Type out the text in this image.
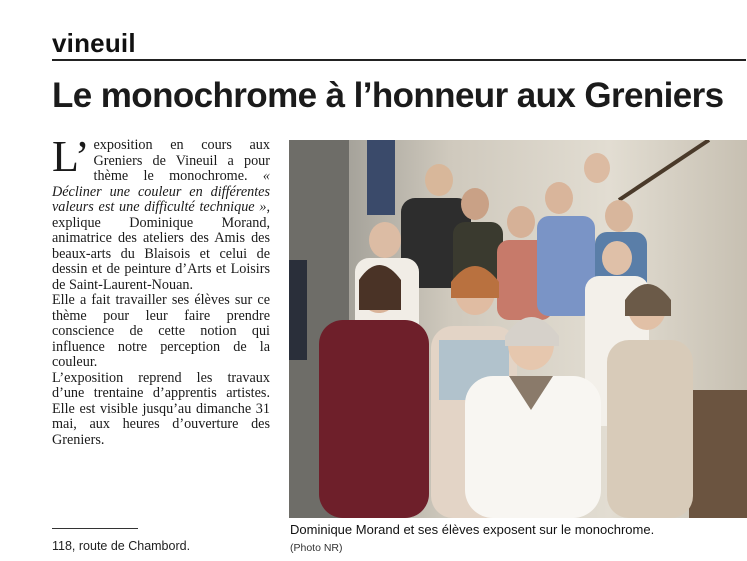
vineuil
Le monochrome à l’honneur aux Greniers

L’ exposition en cours aux Greniers de Vineuil a pour thème le monochrome. « Décliner une couleur en différentes valeurs est une difficulté technique », explique Dominique Morand, animatrice des ateliers des Amis des beaux-arts du Blaisois et celui de dessin et de peinture d’Arts et Loisirs de Saint-Laurent-Nouan.

Elle a fait travailler ses élèves sur ce thème pour leur faire prendre conscience de cette notion qui influence notre perception de la couleur.

L’exposition reprend les travaux d’une trentaine d’apprentis artistes. Elle est visible jusqu’au dimanche 31 mai, aux heures d’ouverture des Greniers.

118, route de Chambord.
Dominique Morand et ses élèves exposent sur le monochrome.
(Photo NR)
